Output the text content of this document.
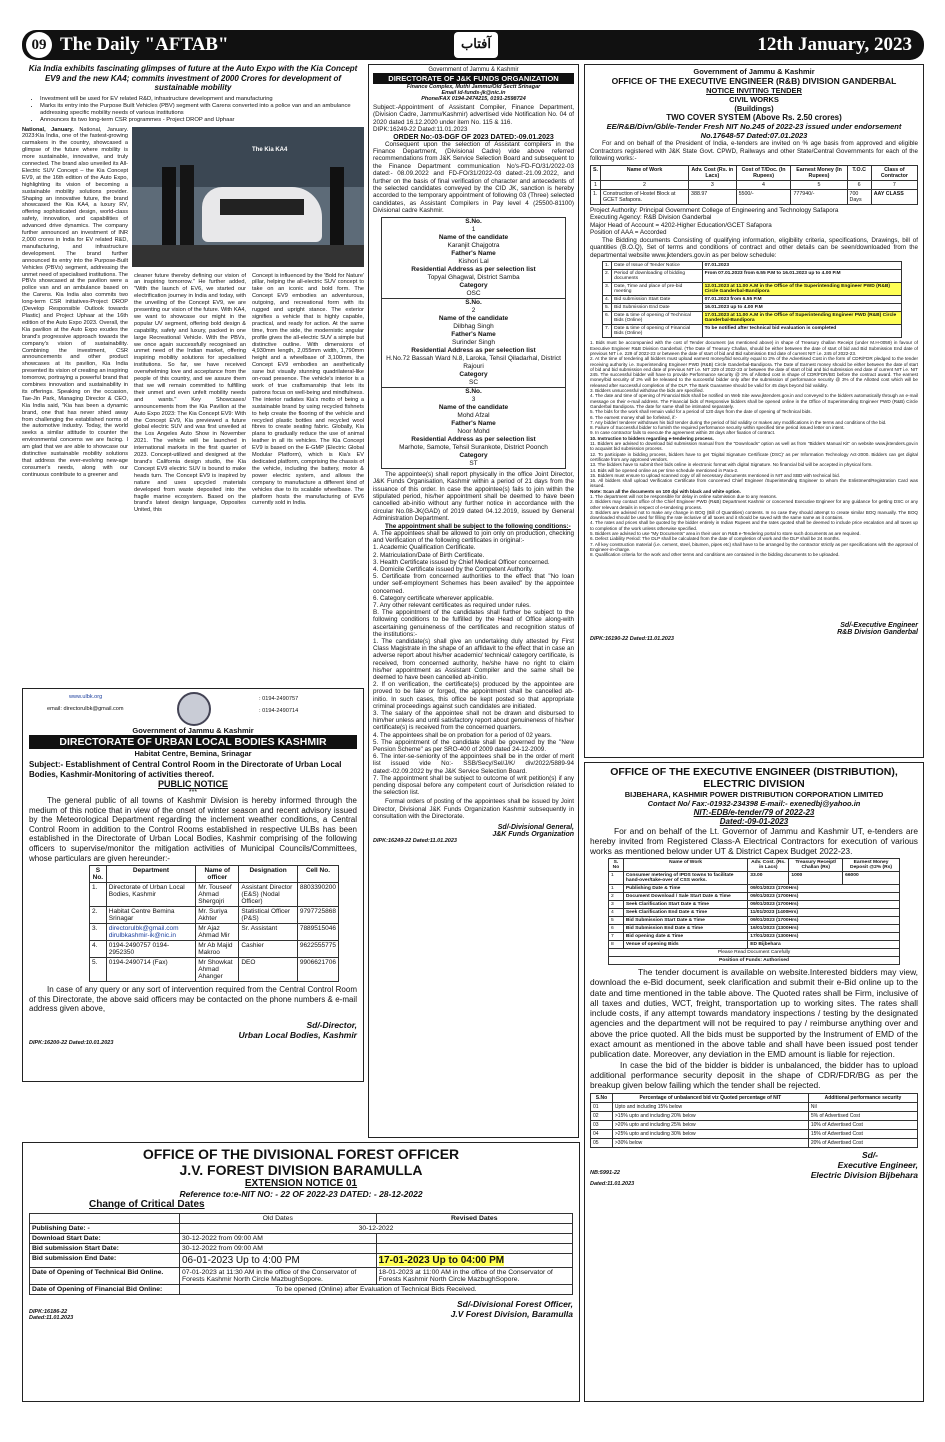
09 The Daily "AFTAB"	آفتاب	12th January, 2023
Kia India exhibits fascinating glimpses of future at the Auto Expo with the Kia Concept EV9 and the new KA4; commits investment of 2000 Crores for development of sustainable mobility
• Investment will be used for EV related R&D, infrastructure development and manufacturing
• Marks its entry into the Purpose Built Vehicles (PBV) segment with Carens converted into a police van and an ambulance addressing specific mobility needs of various institutions
• Announces its two long-term CSR programmes - Project DROP and Uphaar
National, January. National, January. 2023:Kia India, one of the fastest-growing carmakers in the country, showcased a glimpse of the future where mobility is more sustainable, innovative, and truly connected. The brand also unveiled its All-Electric SUV Concept – the Kia Concept EV9, at the 16th edition of the Auto Expo, highlighting its vision of becoming a sustainable mobility solutions provider. Shaping an innovative future, the brand showcased the Kia KA4, a luxury RV, offering sophisticated design, world-class safety, innovation, and capabilities of advanced drive dynamics. The company further announced an investment of INR 2,000 crores in India for EV related R&D, manufacturing, and infrastructure development. The brand further announced its entry into the Purpose-Built Vehicles (PBVs) segment, addressing the unmet need of specialised institutions. The PBVs showcased at the pavilion were a police van and an ambulance based on the Carens. Kia India also commits two long-term CSR initiatives-Project DROP (Develop Responsible Outlook towards Plastic) and Project Uphaar at the 16th edition of the Auto Expo 2023. Overall, the Kia pavilion at the Auto Expo exudes the brand's progressive approach towards the company's vision of sustainability. Combining the investment, CSR announcements and other product showcases at its pavilion, Kia India presented its vision of creating an inspiring tomorrow, portraying a powerful brand that combines innovation and sustainability in its offerings. Speaking on the occasion, Tae-Jin Park, Managing Director & CEO, Kia India said, "Kia has been a dynamic brand, one that has never shied away from challenging the established norms of the automotive industry. Today, the world seeks a similar attitude to counter the environmental concerns we are facing. I am glad that we are able to showcase our distinctive sustainable mobility solutions that address the ever-evolving new-age consumer's needs, along with our continuous contribute to a greener and
The Kia KA4
cleaner future thereby defining our vision of an inspiring tomorrow." He further added, "With the launch of EV6, we started our electrification journey in India and today, with the unveiling of the Concept EV9, we are presenting our vision of the future. With KA4, we want to showcase our might in the popular UV segment, offering bold design & capability, safety and luxury, packed in one large Recreational Vehicle. With the PBVs, we once again successfully recognised an unmet need of the Indian market, offering inspiring mobility solutions for specialised institutions. So far, we have received overwhelming love and acceptance from the people of this country, and we assure them that we will remain committed to fulfilling their unmet and even unfelt mobility needs and wants." Key Showcases/ announcements from the Kia Pavilion at the Auto Expo 2023: The Kia Concept EV9: With the Concept EV9, Kia previewed a future global electric SUV and was first unveiled at the Los Angeles Auto Show in November 2021. The vehicle will be launched in international markets in the first quarter of 2023. Concept-utilized and designed at the brand's California design studio, the Kia Concept EV9 electric SUV is bound to make heads turn. The Concept EV9 is inspired by nature and uses upcycled materials developed from waste deposited into the fragile marine ecosystem. Based on the brand's latest design language, Opposites United, this
Concept is influenced by the 'Bold for Nature' pillar, helping the all-electric SUV concept to take on an iconic and bold form. The Concept EV9 embodies an adventurous, outgoing, and recreational form with its rugged and upright stance. The exterior signifies a vehicle that is highly capable, practical, and ready for action. At the same time, from the side, the modernistic angular profile gives the all-electric SUV a simple but distinctive outline. With dimensions of 4,930mm length, 2,055mm width, 1,790mm height and a wheelbase of 3,100mm, the Concept EV9 embodies an aesthetically sane but visually stunning quadrilateral-like on-road presence. The vehicle's interior is a work of true craftsmanship that lets its patrons focus on well-being and mindfulness. The interior radiates Kia's motto of being a sustainable brand by using recycled fishnets to help create the flooring of the vehicle and recycled plastic bottles and recycled wool fibres to create seating fabric. Globally, Kia plans to gradually reduce the use of animal leather in all its vehicles. The Kia Concept EV9 is based on the E-GMP (Electric Global Modular Platform), which is Kia's EV dedicated platform, comprising the chassis of the vehicle, including the battery, motor & power electric system, and allows the company to manufacture a different kind of vehicles due to its scalable wheelbase. The platform hosts the manufacturing of EV6 currently sold in India.
www.ulbk.org
email: directorulbk@gmail.com
: 0194-2490757
: 0194-2490714
Government of Jammu & Kashmir
DIRECTORATE OF URBAN LOCAL BODIES KASHMIR
Habitat Centre, Bemina, Srinagar
Subject:- Establishment of Central Control Room in the Directorate of Urban Local Bodies, Kashmir-Monitoring of activities thereof.
PUBLIC NOTICE
***
The general public of all towns of Kashmir Division is hereby informed through the medium of this notice that in view of the onset of winter season and recent advisory issued by the Meteorological Department regarding the inclement weather conditions, a Central Control Room in addition to the Control Rooms established in respective ULBs has been established in the Directorate of Urban Local Bodies, Kashmir comprising of the following officers to supervise/monitor the mitigation activities of Municipal Councils/Committees, whose particulars are given hereunder:-
S No.	Department	Name of officer	Designation	Cell No.
1.	Directorate of Urban Local Bodies, Kashmir	Mr. Touseef Ahmad Shergojri	Assistant Director (E&S) (Nodal Officer)	8803390200
2.	Habitat Centre Bemina Srinagar	Mr. Suriya Akhter	Statistical Officer (P&S)	9797725868
3.	directorulbk@gmail.com dirulbkashmir-ik@nic.in	Mr Ajaz Ahmad Mir	Sr. Assistant	7889515046
4.	0194-2490757 0194-2952350	Mr Ab Majid Makroo	Cashier	9622555775
5.	0194-2490714 (Fax)	Mr Showkat Ahmad Ahanger	DEO	9906621706
In case of any query or any sort of intervention required from the Central Control Room of this Directorate, the above said officers may be contacted on the phone numbers & e-mail address given above,
Sd/-Director,
Urban Local Bodies, Kashmir
DIPK:16200-22 Dated:10.01.2023
Government of Jammu & Kashmir
DIRECTORATE OF J&K FUNDS ORGANIZATION
Finance Complex, Muthi Jammu/Old Sectt Srinagar
Email id-funds-jk@nic.in
Phone/FAX 0194-2474215, 0191-2598724
Subject:-Appointment of Assistant Compiler, Finance Department, (Division Cadre, Jammu/Kashmir) advertised vide Notification No. 04 of 2020 dated 16.12.2020 under item No. 115 & 116.
DIPK:16249-22 Dated:11.01.2023
ORDER No:-03-DGF OF 2023 DATED:-09.01.2023
Consequent upon the selection of Assistant compilers in the Finance Department, (Divisional Cadre) vide above referred recommendations from J&K Service Selection Board and subsequent to the Finance Department communication No's-FD-FO/31/2022-03 dated:- 08.09.2022 and FD-FO/31/2022-03 dated:-21.09.2022, and further on the basis of final verification of character and antecedents of the selected candidates conveyed by the CID JK, sanction is hereby accorded to the temporary appointment of following 03 (Three) selected candidates, as Assistant Compilers in Pay level 4 (25500-81100) Divisional cadre Kashmir.
S.No.
1
Name of the candidate
Karanjit Chajgotra
Father's Name
Kishori Lal
Residential Address as per selection list
Topyal Ghagwal, District Samba
Category
OSC
S.No.
2
Name of the candidate
Dilbhag Singh
Father's Name
Surinder Singh
Residential Address as per selection list
H.No.72 Bassah Ward N.8, Laroka, Tehsil Qiladarhal, District Rajouri
Category
SC
S.No.
3
Name of the candidate
Mohd Afzal
Father's Name
Noor Mohd
Residential Address as per selection list
Marhote, Samote, Tehsil Surankote, District Poonch
Category
ST
The appointee(s) shall report physically in the office Joint Director, J&K Funds Organisation, Kashmir within a period of 21 days from the issuance of this order. In case the appointee(s) fails to join within the stipulated period, his/her appointment shall be deemed to have been cancelled ab-initio without any further notice in accordance with the circular No.08-JK(GAD) of 2019 dated 04.12.2019, issued by General Administration Department.
The appointment shall be subject to the following conditions:-
A. The appointees shall be allowed to join only on production, checking and Verification of the following certificates in original:-
1. Academic Qualification Certificate.
2. Matriculation/Date of Birth Certificate.
3. Health Certificate issued by Chief Medical Officer concerned.
4. Domicile Certificate issued by the Competent Authority.
5. Certificate from concerned authorities to the effect that "No loan under self-employment Schemes has been availed" by the appointee concerned.
6. Category certificate wherever applicable.
7. Any other relevant certificates as required under rules.
B. The appointment of the candidates shall further be subject to the following conditions to be fulfilled by the Head of Office along-with ascertaining genuineness of the certificates and recognition status of the institutions:-
1. The candidate(s) shall give an undertaking duly attested by First Class Magistrate in the shape of an affidavit to the effect that in case an adverse report about his/her academic/ technical/ category certificate, is received, from concerned authority, he/she have no right to claim his/her appointment as Assistant Compiler and the same shall be deemed to have been cancelled ab-initio.
2. If on verification, the certificate(s) produced by the appointee are proved to be fake or forged, the appointment shall be cancelled ab-initio. In such cases, this office be kept posted so that appropriate criminal proceedings against such candidates are initiated.
3. The salary of the appointee shall not be drawn and disbursed to him/her unless and until satisfactory report about genuineness of his/her certificate(s) is received from the concerned quarters.
4. The appointees shall be on probation for a period of 02 years.
5. The appointment of the candidate shall be governed by the "New Pension Scheme" as per SRO-400 of 2009 dated 24-12-2009.
6. The inter-se-seniority of the appointees shall be in the order of merit list issued vide No:- SSB/Secy/Sel/J/K/ div/2022/5889-94 dated:-02.09.2022 by the J&K Service Selection Board.
7. The appointment shall be subject to outcome of writ petition(s) if any pending disposal before any competent court of Jurisdiction related to the selection list.
Formal orders of posting of the appointees shall be issued by Joint Director, Divisional J&K Funds Organization Kashmir subsequently in consultation with the Directorate.
Sd/-Divisional General,
J&K Funds Organization
DIPK:16249-22 Dated:11.01.2023
Government of Jammu & Kashmir
OFFICE OF THE EXECUTIVE ENGINEER (R&B) DIVISION GANDERBAL
NOTICE INVITING TENDER
CIVIL WORKS
(Buildings)
TWO COVER SYSTEM (Above Rs. 2.50 crores)
EE/R&B/Divn/Gbl/e-Tender Fresh NIT No.245 of 2022-23 issued under endorsement No.17648-57 Dated:07.01.2023
For and on behalf of the President of India, e-tenders are invited on % age basis from approved and eligible Contractors registered with J&K State Govt. CPWD, Railways and other State/Central Governments for each of the following works:-
S.	Name of Work	Adv. Cost (Rs. in Lacs)	Cost of T/Doc. (In Rupees)	Earnest Money (In Rupees)	T.O.C	Class of Contractor
1	2	3	4	5	6	7
1.	Construction of Hostel Block at GCET Safapora.	388.97	5500/-	777940/-	700 Days	AAY CLASS
Project Authority: Principal Government College of Engineering and Technology Safapora
Executing Agency: R&B Division Ganderbal
Major Head of Account = 4202-Higher Education/GCET Safapora
Position of AAA = Accorded
The Bidding documents Consisting of qualifying information, eligibility criteria, specifications, Drawings, bill of quantities (B.O.Q), Set of terms and conditions of contract and other details can be seen/downloaded from the departmental website www.jktenders.gov.in as per below schedule:
1.	Date of Issue of Tender Notice	07.01.2023
2.	Period of downloading of bidding documents	From 07.01.2023 from 6.55 P.M to 16.01.2023 up to 4.00 P.M
3.	Date, Time and place of pre-bid meeting	12.01.2023 at 11.00 A.M in the Office of the Superintending Engineer PWD (R&B) Circle Ganderbal-Bandipora
4.	Bid submission Start Date	07.01.2023 from 6.55 P.M
5.	Bid Submission End Date	16.01.2023 up to 4.00 P.M
6.	Date & time of opening of Technical Bids (Online)	17.01.2023 at 11.00 A.M in the Office of Superintending Engineer PWD (R&B) Circle Ganderbal-Bandipora
7.	Date & time of opening of Financial Bids (Online)	To be notified after technical bid evaluation is completed
1. Bids must be accompanied with the cost of Tender document (as mentioned above) in shape of Treasury challan Receipt (under M.H-0059) in favour of Executive Engineer R&B Division Ganderbal. (The Date of Treasury Challan, should be either between the date of start of bid and Bid Submission End date of previous NIT i.e. 229 of 2022-23 or between the date of start of bid and Bid submission End date of current NIT i.e. 245 of 2022-23.
2. At the time of tendering all bidders must upload earnest money/bid security equal to 2% of the Advertised Cost in the form of CDR/FDR pledged to the tender receiving authority i.e. Superintending Engineer PWD (R&B) Circle Ganderbal-Bandipora. The Date of Earnest money should be either between the date of start of bid and bid submission end date of previous NIT i.e. NIT 229 of 2022-23 or between the date of start of bid and bid submission end date of current NIT i.e. NIT 245. The successful bidder will have to provide Performance security @ 3% of Allotted cost in shape of CDR/FDR/BG before the contract award. The earnest money/bid security of 2% will be released to the successful bidder only after the submission of performance security @ 3% of the Allotted cost which will be released after successful completion of the DLP. The Bank Guarantee should be valid for 45 days beyond bid validity.
3. Bidders unsuccessful withdraw the bids are specified.
4. The date and time of opening of Financial Bids shall be notified on Web Site www.jktenders.gov.in and conveyed to the bidders automatically through an e-mail message on their e-mail address. The Financial bids of Responsive bidders shall be opened online in the Office of Superintending Engineer PWD (R&B) Circle Ganderbal Bandipora. The date for same shall be intimated separately.
5. The bids for the work shall remain valid for a period of 120 days from the date of opening of Technical bids.
6. The earnest money shall be forfeited, if:-
7. Any bidder/ tenderer withdraws his bid/ tender during the period of bid validity or makes any modifications in the terms and conditions of the bid.
8. Failure of Successful bidder to furnish the required performance security within specified time period issued letter on intent.
9. In case contractor fails to execute the agreement within 28 days after fixation of contract.
10. Instruction to bidders regarding e-tendering process.
11. Bidders are advised to download bid submission manual from the "Downloads" option as well as from "Bidders Manual Kit" on website www.jktenders.gov.in to acquaint bid submission process.
12. To participate in bidding process, bidders have to get 'Digital Signature Certificate (DSC)' as per Information Technology Act-2000. Bidders can get digital certificate from any approved vendors.
13. The bidders have to submit their bids online in electronic format with digital Signature. No financial bid will be accepted in physical form.
14. Bids will be opened online as per time schedule mentioned in Para-2.
15. Bidders must ensure to upload scanned copy of all necessary documents mentioned in NIT and SBD with technical bid.
16. All bidders shall upload Verification Certificate from concerned Chief Engineer /Superintending Engineer to whom the Enlistment/Registration Card was issued.
Note: Scan all the documents on 100 dpi with black and white option.
1. The department will not be responsible for delay in online submission due to any reasons.
2. Bidders may contact office of the Chief Engineer PWD (R&B) Department Kashmir or concerned Executive Engineer for any guidance for getting DSC or any other relevant details in respect of e-tendering process.
3. Bidders are advised not to make any change in BOQ (Bill of Quantities) contents. In no case they should attempt to create similar BOQ manually. The BOQ downloaded should be used for filling the rate inclusive of all taxes and it should be saved with the same name as it contains.
4. The rates and prices shall be quoted by the bidder entirely in Indian Rupees and the rates quoted shall be deemed to include price escalation and all taxes up to completion of the work unless otherwise specified.
5. Bidders are advised to use "My Documents" area in their user on R&B e-Tendering portal to store such documents as are required.
6. Defect Liability Period: The DLP shall be calculated from the date of completion of work and the DLP shall be 24 months.
7. All key construction material (i.e. cement, steel, bitumen, pipes etc) shall have to be arranged by the contractor strictly as per specifications with the approval of Engineer-in-charge.
8. Qualification criteria for the work and other terms and conditions are contained in the bidding documents to be uploaded.
Sd/-Executive Engineer
R&B Division Ganderbal
DIPK:16190-22 Dated:11.01.2023
OFFICE OF THE EXECUTIVE ENGINEER (DISTRIBUTION), ELECTRIC DIVISION
BIJBEHARA, KASHMIR POWER DISTRIBUTION CORPORATION LIMITED
Contact No/ Fax:-01932-234398 E-mail:- exenedbj@yahoo.in
NIT:-EDB/e-tender/79 of 2022-23
Dated:-09-01-2023
For and on behalf of the Lt. Governor of Jammu and Kashmir UT, e-tenders are hereby invited from Registered Class-A Electrical Contractors for execution of various works as mentioned below under UT & District Capex Budget 2022-23.
S. No	Name of Work	Adv. Cost. (Rs. in Lacs)	Treasury Receipt/ Challan (Rs)	Earnest Money Deposit @2% (Rs)
1	Consumer metering of IPDS towns to facilitate hand-over/take-over of CSS works.	33.00	1000	66000
1	Publishing Date & Time	09/01/2023 (1700Hrs)		
2	Document Download / Sale Start Date & Time	09/01/2023 (1700Hrs)		
3	Seek Clarification Start Date & Time	09/01/2023 (1700Hrs)		
4	Seek Clarification End Date & Time	11/01/2023 (1400Hrs)		
5	Bid Submission Start Date & Time	09/01/2023 (1700Hrs)		
6	Bid Submission End Date & Time	16/01/2023 (1300Hrs)		
7	Bid opening date & Time	17/01/2023 (1300Hrs)		
8	Venue of opening Bids	ED Bijbehara		
Please Read Document Carefully				
Position of Funds: Authorised				
The tender document is available on website.Interested bidders may view, download the e-Bid document, seek clarification and submit their e-Bid online up to the date and time mentioned in the table above. The Quoted rates shall be Firm, inclusive of all taxes and duties, WCT, freight, transportation up to working sites. The rates shall include costs, if any attempt towards mandatory inspections / testing by the designated agencies and the department will not be required to pay / reimburse anything over and above the price quoted. All the bids must be supported by the Instrument of EMD of the exact amount as mentioned in the above table and shall have been issued post tender publication date. Moreover, any deviation in the EMD amount is liable for rejection.
In case the bid of the bidder is bidder is unbalanced, the bidder has to upload additional performance security deposit in the shape of CDR/FDR/BG as per the breakup given below failing which the tender shall be rejected.
S.No	Percentage of unbalanced bid viz Quoted percentage of NIT	Additional performance security
01	Upto and including 15% below	Nil
02	>15% upto and including 20% below	5% of Advertised Cost
03	>20% upto and including 25% below	10% of Advertised Cost
04	>25% upto and including 30% below	15% of Advertised Cost
05	>30% below	20% of Advertised Cost
Sd/-
Executive Engineer,
NB:5991-22	Electric Division Bijbehara
Dated:11.01.2023
OFFICE OF THE DIVISIONAL FOREST OFFICER
J.V. FOREST DIVISION BARAMULLA
EXTENSION NOTICE 01
Reference to:e-NIT NO: - 22 OF 2022-23 DATED: - 28-12-2022
Change of Critical Dates
	Old Dates	Revised Dates
Publishing Date: -	30-12-2022	
Download Start Date:	30-12-2022 from 09:00 AM	
Bid submission Start Date:	30-12-2022 from 09:00 AM	
Bid submission End Date:	06-01-2023 Up to 4:00 PM	17-01-2023 Up to 04:00 PM
Date of Opening of Technical Bid Online.	07-01-2023 at 11:30 AM in the office of the Conservator of Forests Kashmir North Circle MazbughSopore.	18-01-2023 at 11:00 AM in the office of the Conservator of Forests Kashmir North Circle MazbughSopore.
Date of Opening of Financial Bid Online:	To be opened (Online) after Evaluation of Technical Bids Received.	
Sd/-Divisional Forest Officer,
DIPK:16186-22
Dated:11.01.2023	J.V Forest Division, Baramulla
